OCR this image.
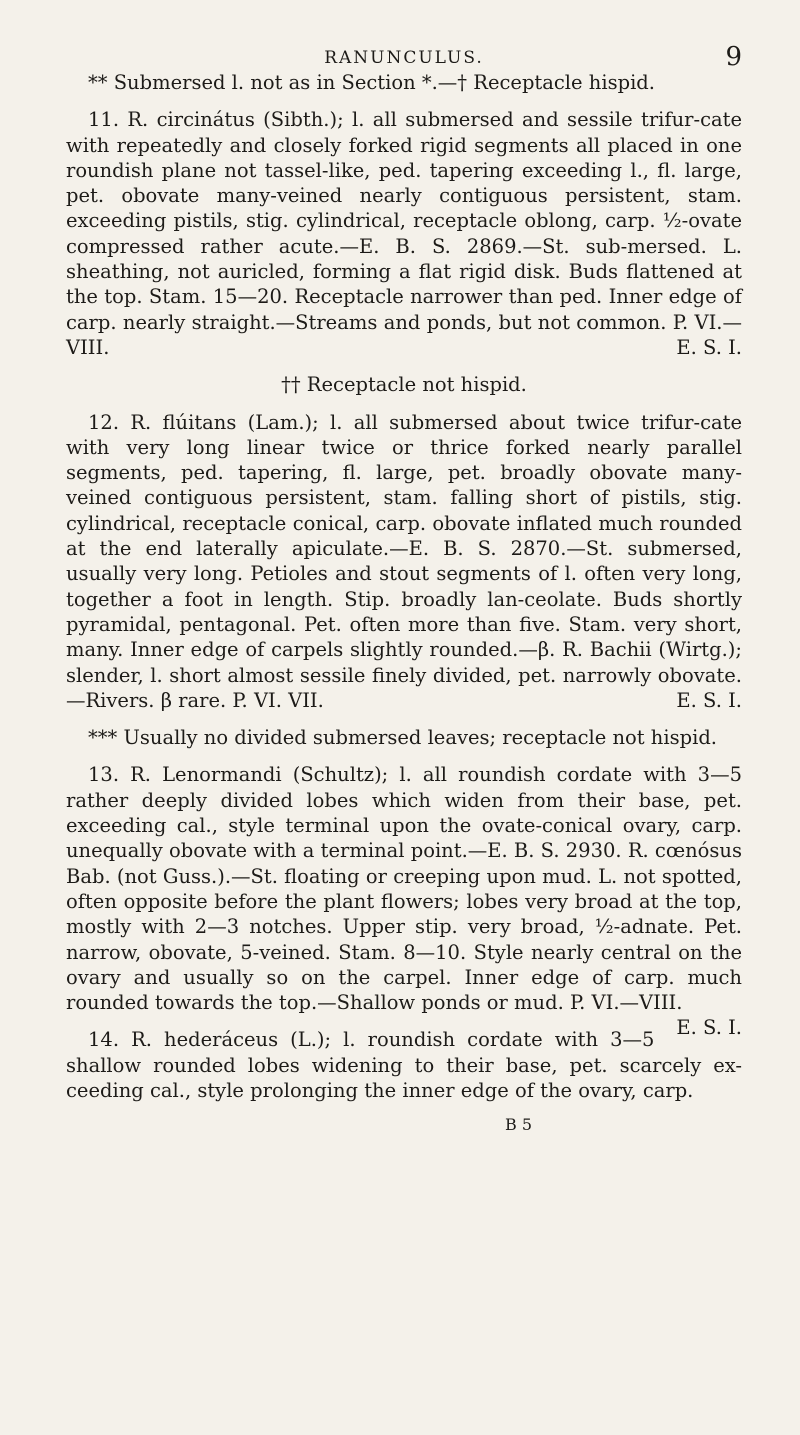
RANUNCULUS.	9

** Submersed l. not as in Section *.—† Receptacle hispid.

11. R. circinátus (Sibth.); l. all submersed and sessile trifur-cate with repeatedly and closely forked rigid segments all placed in one roundish plane not tassel-like, ped. tapering exceeding l., fl. large, pet. obovate many-veined nearly contiguous persistent, stam. exceeding pistils, stig. cylindrical, receptacle oblong, carp. ½-ovate compressed rather acute.—E. B. S. 2869.—St. sub-mersed. L. sheathing, not auricled, forming a flat rigid disk. Buds flattened at the top. Stam. 15—20. Receptacle narrower than ped. Inner edge of carp. nearly straight.—Streams and ponds, but not common. P. VI.—VIII.	E. S. I.

†† Receptacle not hispid.

12. R. flúitans (Lam.); l. all submersed about twice trifur-cate with very long linear twice or thrice forked nearly parallel segments, ped. tapering, fl. large, pet. broadly obovate many-veined contiguous persistent, stam. falling short of pistils, stig. cylindrical, receptacle conical, carp. obovate inflated much rounded at the end laterally apiculate.—E. B. S. 2870.—St. submersed, usually very long. Petioles and stout segments of l. often very long, together a foot in length. Stip. broadly lan-ceolate. Buds shortly pyramidal, pentagonal. Pet. often more than five. Stam. very short, many. Inner edge of carpels slightly rounded.—β. R. Bachii (Wirtg.); slender, l. short almost sessile finely divided, pet. narrowly obovate.—Rivers. β rare. P. VI. VII.	E. S. I.

*** Usually no divided submersed leaves; receptacle not hispid.

13. R. Lenormandi (Schultz); l. all roundish cordate with 3—5 rather deeply divided lobes which widen from their base, pet. exceeding cal., style terminal upon the ovate-conical ovary, carp. unequally obovate with a terminal point.—E. B. S. 2930. R. cœnósus Bab. (not Guss.).—St. floating or creeping upon mud. L. not spotted, often opposite before the plant flowers; lobes very broad at the top, mostly with 2—3 notches. Upper stip. very broad, ½-adnate. Pet. narrow, obovate, 5-veined. Stam. 8—10. Style nearly central on the ovary and usually so on the carpel. Inner edge of carp. much rounded towards the top.—Shallow ponds or mud. P. VI.—VIII.
E. S. I.

14. R. hederáceus (L.); l. roundish cordate with 3—5 shallow rounded lobes widening to their base, pet. scarcely ex-ceeding cal., style prolonging the inner edge of the ovary, carp.

B 5
